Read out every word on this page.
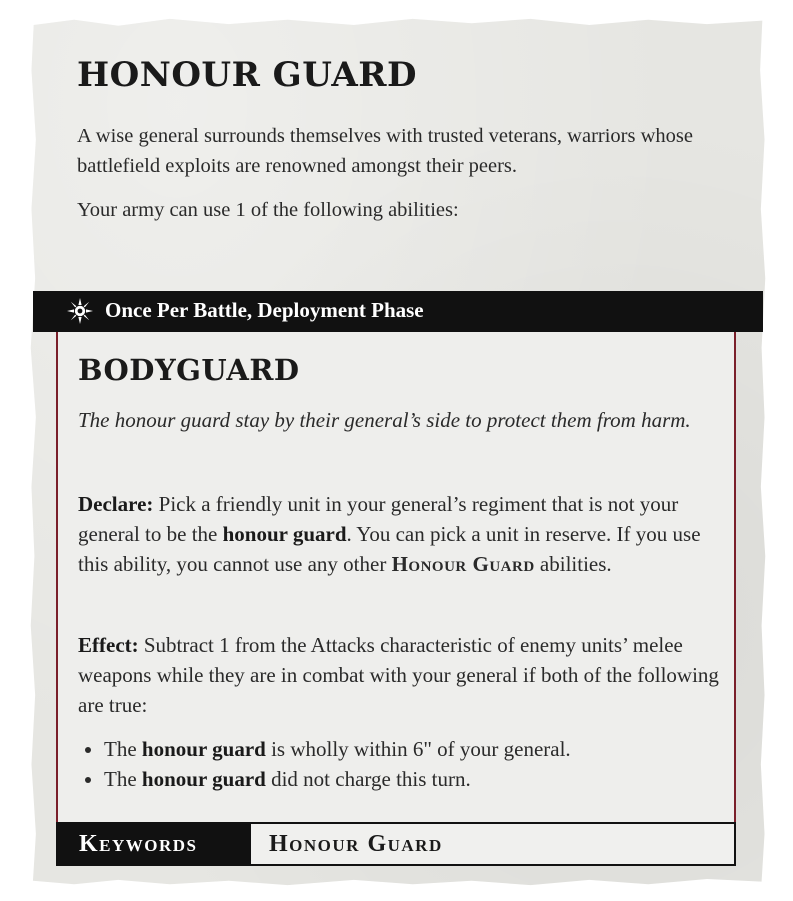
HONOUR GUARD

A wise general surrounds themselves with trusted veterans, warriors whose battlefield exploits are renowned amongst their peers.

Your army can use 1 of the following abilities:

Once Per Battle, Deployment Phase
BODYGUARD

The honour guard stay by their general’s side to protect them from harm.

Declare: Pick a friendly unit in your general’s regiment that is not your general to be the honour guard. You can pick a unit in reserve. If you use this ability, you cannot use any other Honour Guard abilities.

Effect: Subtract 1 from the Attacks characteristic of enemy units’ melee weapons while they are in combat with your general if both of the following are true:

• The honour guard is wholly within 6" of your general.
• The honour guard did not charge this turn.
Keywords	Honour Guard
